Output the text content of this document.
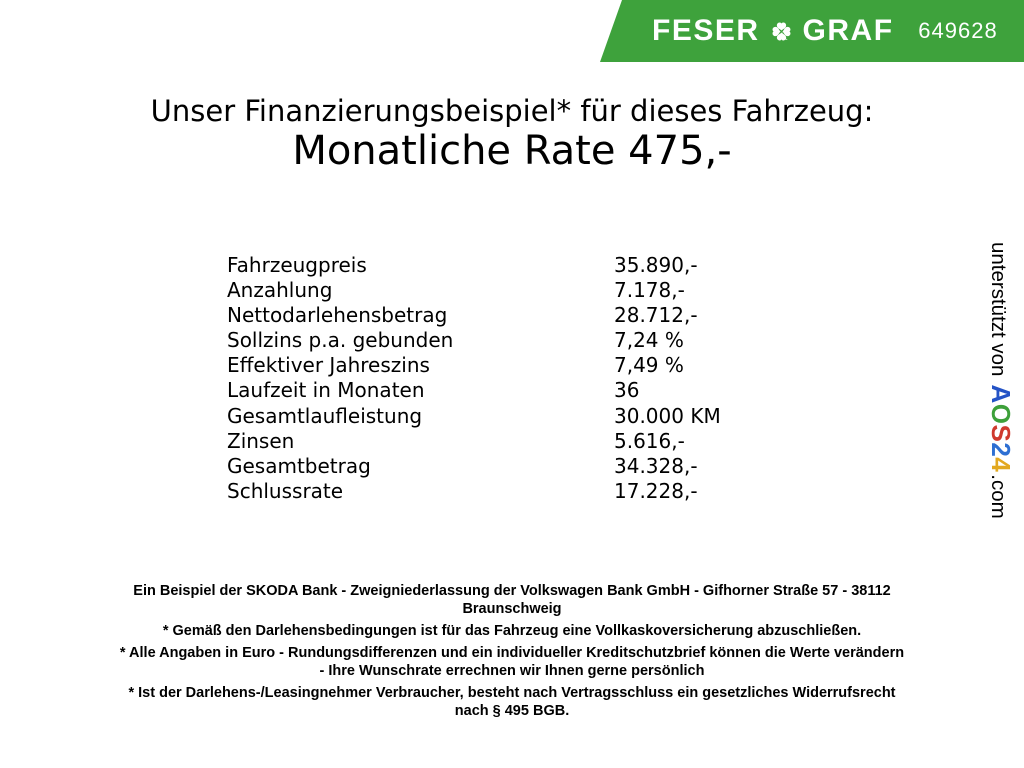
FESER GRAF 649628
Unser Finanzierungsbeispiel* für dieses Fahrzeug:
Monatliche Rate 475,-
Fahrzeugpreis	35.890,-
Anzahlung	7.178,-
Nettodarlehensbetrag	28.712,-
Sollzins p.a. gebunden	7,24 %
Effektiver Jahreszins	7,49 %
Laufzeit in Monaten	36
Gesamtlaufleistung	30.000 KM
Zinsen	5.616,-
Gesamtbetrag	34.328,-
Schlussrate	17.228,-

Ein Beispiel der SKODA Bank - Zweigniederlassung der Volkswagen Bank GmbH - Gifhorner Straße 57 - 38112
Braunschweig

* Gemäß den Darlehensbedingungen ist für das Fahrzeug eine Vollkaskoversicherung abzuschließen.

* Alle Angaben in Euro - Rundungsdifferenzen und ein individueller Kreditschutzbrief können die Werte verändern
- Ihre Wunschrate errechnen wir Ihnen gerne persönlich

* Ist der Darlehens-/Leasingnehmer Verbraucher, besteht nach Vertragsschluss ein gesetzliches Widerrufsrecht
nach § 495 BGB.

unterstützt vonAOS24.com
